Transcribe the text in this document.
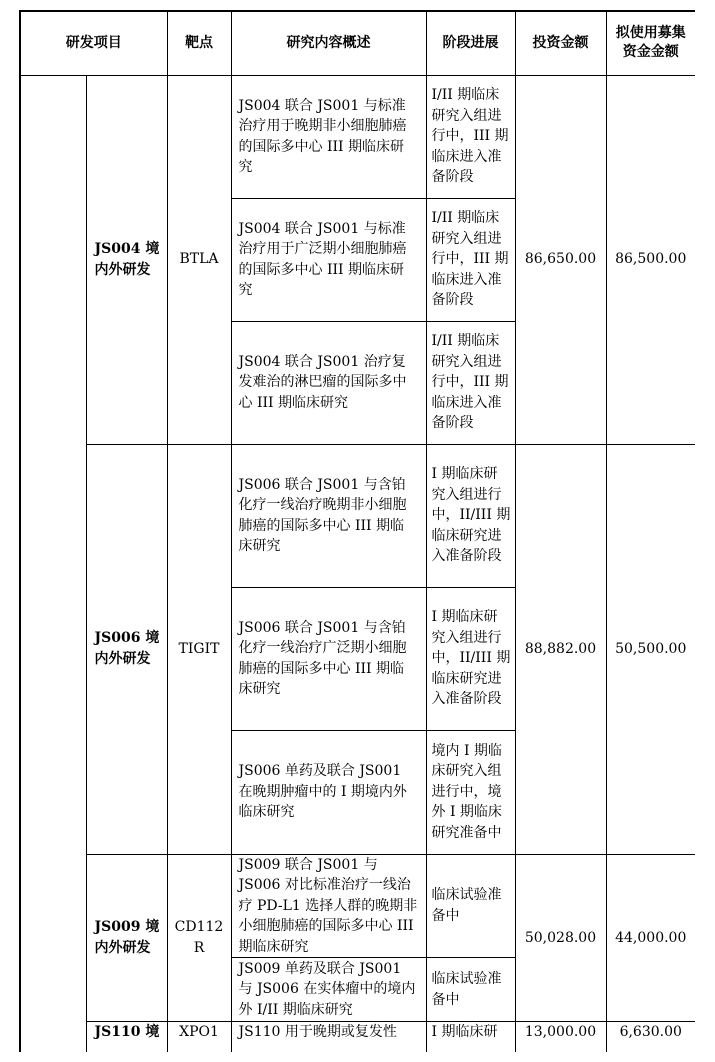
研发项目		靶点	研究内容概述	阶段进展	投资金额	拟使用募集资金金额

	JS004 境
内外研发	BTLA	JS004 联合 JS001 与标准治疗用于晚期非小细胞肺癌的国际多中心 III 期临床研究	I/II 期临床研究入组进行中，III 期临床进入准备阶段	86,650.00	86,500.00
			JS004 联合 JS001 与标准治疗用于广泛期小细胞肺癌的国际多中心 III 期临床研究	I/II 期临床研究入组进行中，III 期临床进入准备阶段		
			JS004 联合 JS001 治疗复发难治的淋巴瘤的国际多中心 III 期临床研究	I/II 期临床研究入组进行中，III 期临床进入准备阶段		

	JS006 境
内外研发	TIGIT	JS006 联合 JS001 与含铂化疗一线治疗晚期非小细胞肺癌的国际多中心 III 期临床研究	I 期临床研究入组进行中，II/III 期临床研究进入准备阶段	88,882.00	50,500.00
			JS006 联合 JS001 与含铂化疗一线治疗广泛期小细胞肺癌的国际多中心 III 期临床研究	I 期临床研究入组进行中，II/III 期临床研究进入准备阶段		
			JS006 单药及联合 JS001 在晚期肿瘤中的 I 期境内外临床研究	境内 I 期临床研究入组进行中，境外 I 期临床研究准备中		

	JS009 境
内外研发	CD112R	JS009 联合 JS001 与 JS006 对比标准治疗一线治疗 PD-L1 选择人群的晚期非小细胞肺癌的国际多中心 III 期临床研究	临床试验准备中	50,028.00	44,000.00
			JS009 单药及联合 JS001 与 JS006 在实体瘤中的境内外 I/II 期临床研究	临床试验准备中		

	JS110 境	XPO1	JS110 用于晚期或复发性	I 期临床研	13,000.00	6,630.00
